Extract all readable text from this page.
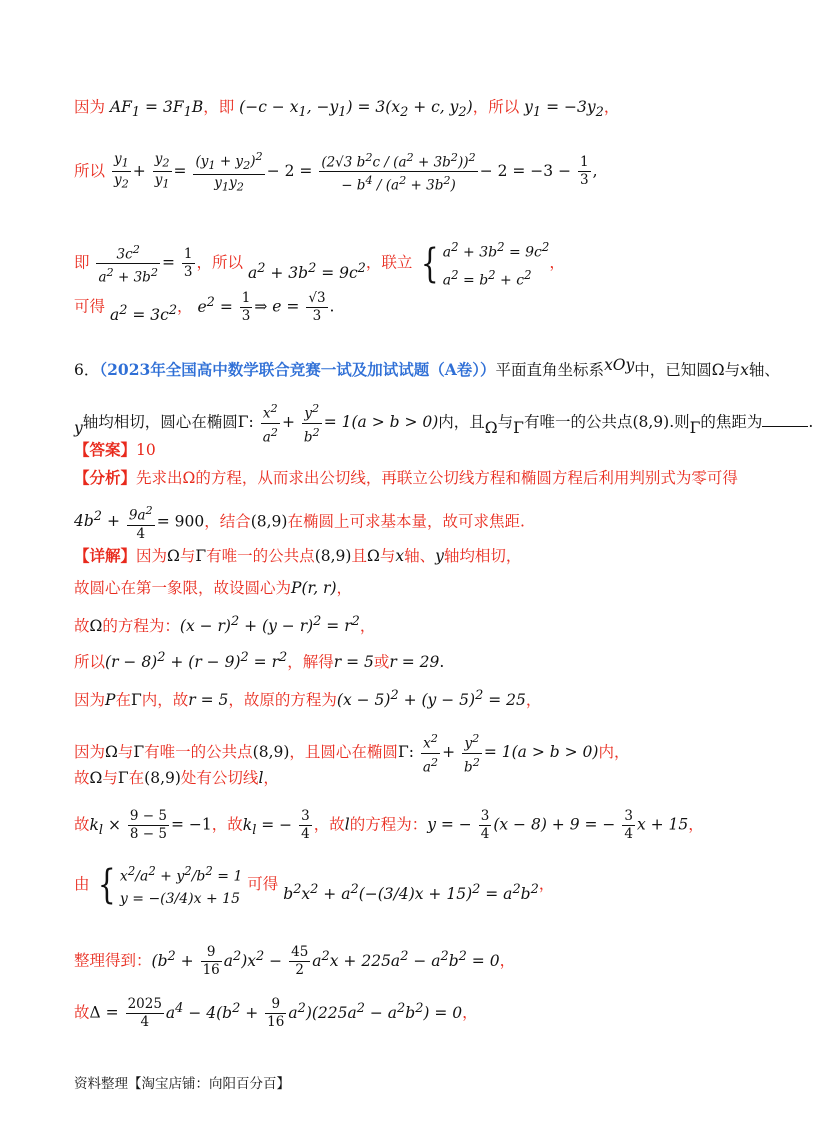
因为 $AF_1 = 3F_1B$，即 ($-c - x_1$, $-y_1) = 3(x_2 + c$, $y_2$)，所以 $y_1 = -3y_2$，
所以 $\frac{y_1}{y_2} + \frac{y_2}{y_1} = \frac{(y_1 + y_2)^2}{y_1y_2} - 2 = \frac{(2√3 b^2c / (a^2 + 3b^2))^2}{- b^4 / (a^2 + 3b^2)} - 2 = -3 - \frac{1}{3}$ ,
即 $\frac{3c^2}{a^2 + 3b^2} = \frac{1}{3}$ ，所以 $a^2 + 3b^2 = 9c^2$，联立 { $a^2 + 3b^2 = 9c^2$
$a^2 = b^2 + c^2$，
可得 $a^2 = 3c^2$， $e^2 = \frac{1}{3}$ ⇒ $e = \frac{√3}{3}$ .
6．（2023年全国高中数学联合竞赛一试及加试试题（A卷））平面直角坐标系xOy中，已知圆Ω与x轴、
y轴均相切，圆心在椭圆Γ: $\frac{x^2}{a^2} + \frac{y^2}{b^2} = 1(a > b > 0)$内，且Ω与Γ有唯一的公共点(8,9).则Γ的焦距为	.
【答案】10
【分析】先求出Ω的方程，从而求出公切线，再联立公切线方程和椭圆方程后利用判别式为零可得
$4b^2 + \frac{9a^2}{4} = 900$，结合(8,9)在椭圆上可求基本量，故可求焦距.
【详解】因为Ω与Γ有唯一的公共点(8,9)且Ω与x轴、y轴均相切，
故圆心在第一象限，故设圆心为P(r, r)，
故Ω的方程为：$(x - r)^2 + (y - r)^2 = r^2$，
所以$(r - 8)^2 + (r - 9)^2 = r^2$，解得r = 5或r = 29.
因为P在Γ内，故r = 5，故原的方程为$(x - 5)^2 + (y - 5)^2 = 25$，
因为Ω与Γ有唯一的公共点(8,9)，且圆心在椭圆Γ: $\frac{x^2}{a^2} + \frac{y^2}{b^2} = 1(a > b > 0)$内，
故Ω与Γ在(8,9)处有公切线l，
故$k_l \times \frac{9 - 5}{8 - 5} = -1$，故$k_l$ = − $\frac{3}{4}$ ，故l的方程为：y = − $\frac{3}{4} (x - 8) + 9$ = − $\frac{3}{4}$ x + 15，
由 { $x^2/a^2 + y^2/b^2 = 1$
y = −(3/4)x + 15 可得 $b^2x^2 + a^2(-(3/4)x + 15)^2 = a^2b^2$，
整理得到：$(b^2 + \frac{9}{16} a^2)x^2 - \frac{45}{2} a^2x + 225a^2 - a^2b^2 = 0$，
故$\Delta = \frac{2025}{4} a^4 - 4(b^2 + \frac{9}{16} a^2)(225a^2 - a^2b^2) = 0$，
资料整理【淘宝店铺：向阳百分百】
